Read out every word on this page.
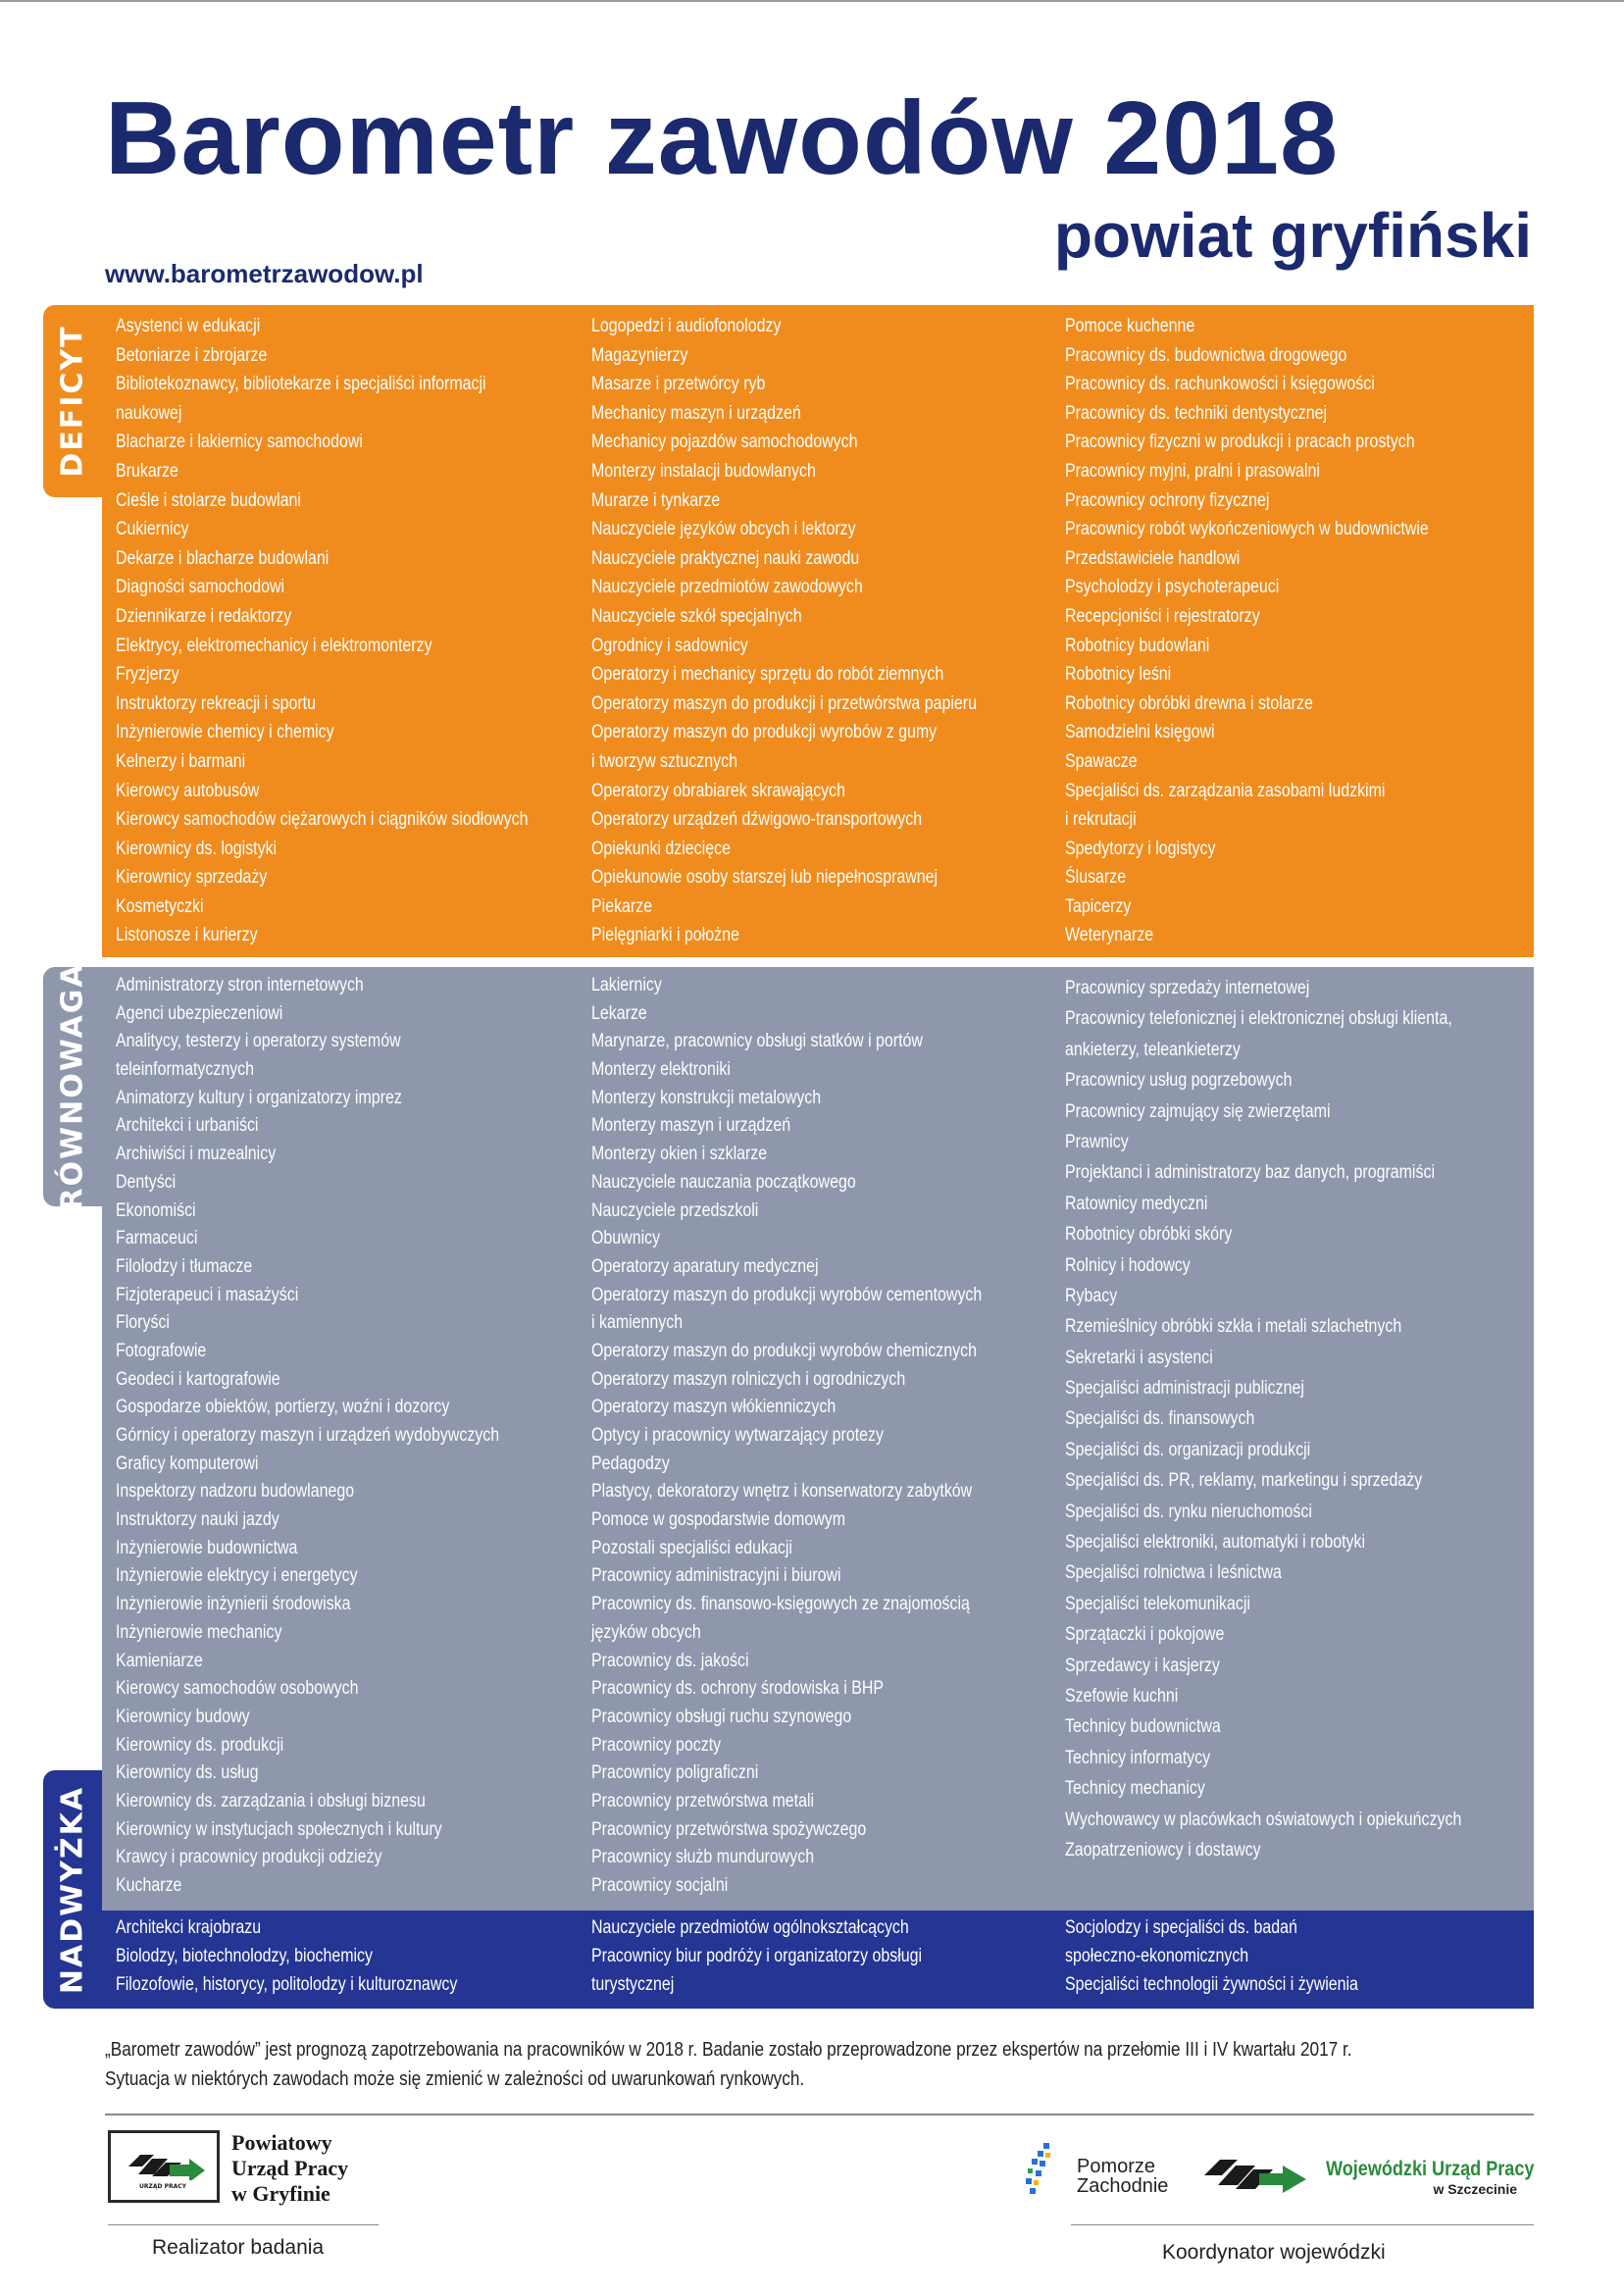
Barometr zawodów 2018
powiat gryfiński
www.barometrzawodow.pl
DEFICYT Asystenci w edukacji
Betoniarze i zbrojarze
Bibliotekoznawcy, bibliotekarze i specjaliści informacji
naukowej
Blacharze i lakiernicy samochodowi
Brukarze
Cieśle i stolarze budowlani
Cukiernicy
Dekarze i blacharze budowlani
Diagności samochodowi
Dziennikarze i redaktorzy
Elektrycy, elektromechanicy i elektromonterzy
Fryzjerzy
Instruktorzy rekreacji i sportu
Inżynierowie chemicy i chemicy
Kelnerzy i barmani
Kierowcy autobusów
Kierowcy samochodów ciężarowych i ciągników siodłowych
Kierownicy ds. logistyki
Kierownicy sprzedaży
Kosmetyczki
Listonosze i kurierzy
Logopedzi i audiofonolodzy
Magazynierzy
Masarze i przetwórcy ryb
Mechanicy maszyn i urządzeń
Mechanicy pojazdów samochodowych
Monterzy instalacji budowlanych
Murarze i tynkarze
Nauczyciele języków obcych i lektorzy
Nauczyciele praktycznej nauki zawodu
Nauczyciele przedmiotów zawodowych
Nauczyciele szkół specjalnych
Ogrodnicy i sadownicy
Operatorzy i mechanicy sprzętu do robót ziemnych
Operatorzy maszyn do produkcji i przetwórstwa papieru
Operatorzy maszyn do produkcji wyrobów z gumy
i tworzyw sztucznych
Operatorzy obrabiarek skrawających
Operatorzy urządzeń dźwigowo-transportowych
Opiekunki dziecięce
Opiekunowie osoby starszej lub niepełnosprawnej
Piekarze
Pielęgniarki i położne
Pomoce kuchenne
Pracownicy ds. budownictwa drogowego
Pracownicy ds. rachunkowości i księgowości
Pracownicy ds. techniki dentystycznej
Pracownicy fizyczni w produkcji i pracach prostych
Pracownicy myjni, pralni i prasowalni
Pracownicy ochrony fizycznej
Pracownicy robót wykończeniowych w budownictwie
Przedstawiciele handlowi
Psycholodzy i psychoterapeuci
Recepcjoniści i rejestratorzy
Robotnicy budowlani
Robotnicy leśni
Robotnicy obróbki drewna i stolarze
Samodzielni księgowi
Spawacze
Specjaliści ds. zarządzania zasobami ludzkimi
i rekrutacji
Spedytorzy i logistycy
Ślusarze
Tapicerzy
Weterynarze
RÓWNOWAGA Administratorzy stron internetowych
Agenci ubezpieczeniowi
Analitycy, testerzy i operatorzy systemów
teleinformatycznych
Animatorzy kultury i organizatorzy imprez
Architekci i urbaniści
Archiwiści i muzealnicy
Dentyści
Ekonomiści
Farmaceuci
Filolodzy i tłumacze
Fizjoterapeuci i masażyści
Floryści
Fotografowie
Geodeci i kartografowie
Gospodarze obiektów, portierzy, woźni i dozorcy
Górnicy i operatorzy maszyn i urządzeń wydobywczych
Graficy komputerowi
Inspektorzy nadzoru budowlanego
Instruktorzy nauki jazdy
Inżynierowie budownictwa
Inżynierowie elektrycy i energetycy
Inżynierowie inżynierii środowiska
Inżynierowie mechanicy
Kamieniarze
Kierowcy samochodów osobowych
Kierownicy budowy
Kierownicy ds. produkcji
Kierownicy ds. usług
Kierownicy ds. zarządzania i obsługi biznesu
Kierownicy w instytucjach społecznych i kultury
Krawcy i pracownicy produkcji odzieży
Kucharze
Lakiernicy
Lekarze
Marynarze, pracownicy obsługi statków i portów
Monterzy elektroniki
Monterzy konstrukcji metalowych
Monterzy maszyn i urządzeń
Monterzy okien i szklarze
Nauczyciele nauczania początkowego
Nauczyciele przedszkoli
Obuwnicy
Operatorzy aparatury medycznej
Operatorzy maszyn do produkcji wyrobów cementowych
i kamiennych
Operatorzy maszyn do produkcji wyrobów chemicznych
Operatorzy maszyn rolniczych i ogrodniczych
Operatorzy maszyn włókienniczych
Optycy i pracownicy wytwarzający protezy
Pedagodzy
Plastycy, dekoratorzy wnętrz i konserwatorzy zabytków
Pomoce w gospodarstwie domowym
Pozostali specjaliści edukacji
Pracownicy administracyjni i biurowi
Pracownicy ds. finansowo-księgowych ze znajomością
języków obcych
Pracownicy ds. jakości
Pracownicy ds. ochrony środowiska i BHP
Pracownicy obsługi ruchu szynowego
Pracownicy poczty
Pracownicy poligraficzni
Pracownicy przetwórstwa metali
Pracownicy przetwórstwa spożywczego
Pracownicy służb mundurowych
Pracownicy socjalni
Pracownicy sprzedaży internetowej
Pracownicy telefonicznej i elektronicznej obsługi klienta,
ankieterzy, teleankieterzy
Pracownicy usług pogrzebowych
Pracownicy zajmujący się zwierzętami
Prawnicy
Projektanci i administratorzy baz danych, programiści
Ratownicy medyczni
Robotnicy obróbki skóry
Rolnicy i hodowcy
Rybacy
Rzemieślnicy obróbki szkła i metali szlachetnych
Sekretarki i asystenci
Specjaliści administracji publicznej
Specjaliści ds. finansowych
Specjaliści ds. organizacji produkcji
Specjaliści ds. PR, reklamy, marketingu i sprzedaży
Specjaliści ds. rynku nieruchomości
Specjaliści elektroniki, automatyki i robotyki
Specjaliści rolnictwa i leśnictwa
Specjaliści telekomunikacji
Sprzątaczki i pokojowe
Sprzedawcy i kasjerzy
Szefowie kuchni
Technicy budownictwa
Technicy informatycy
Technicy mechanicy
Wychowawcy w placówkach oświatowych i opiekuńczych
Zaopatrzeniowcy i dostawcy
NADWYŻKA Architekci krajobrazu
Biolodzy, biotechnolodzy, biochemicy
Filozofowie, historycy, politolodzy i kulturoznawcy
Nauczyciele przedmiotów ogólnokształcących
Pracownicy biur podróży i organizatorzy obsługi
turystycznej
Socjolodzy i specjaliści ds. badań
społeczno-ekonomicznych
Specjaliści technologii żywności i żywienia

„Barometr zawodów” jest prognozą zapotrzebowania na pracowników w 2018 r. Badanie zostało przeprowadzone przez ekspertów na przełomie III i IV kwartału 2017 r.

Sytuacja w niektórych zawodach może się zmienić w zależności od uwarunkowań rynkowych.

URZĄD PRACY
Powiatowy
Urząd Pracy
w Gryfinie
Realizator badania
Pomorze
Zachodnie
Wojewódzki Urząd Pracy
w Szczecinie
Koordynator wojewódzki
